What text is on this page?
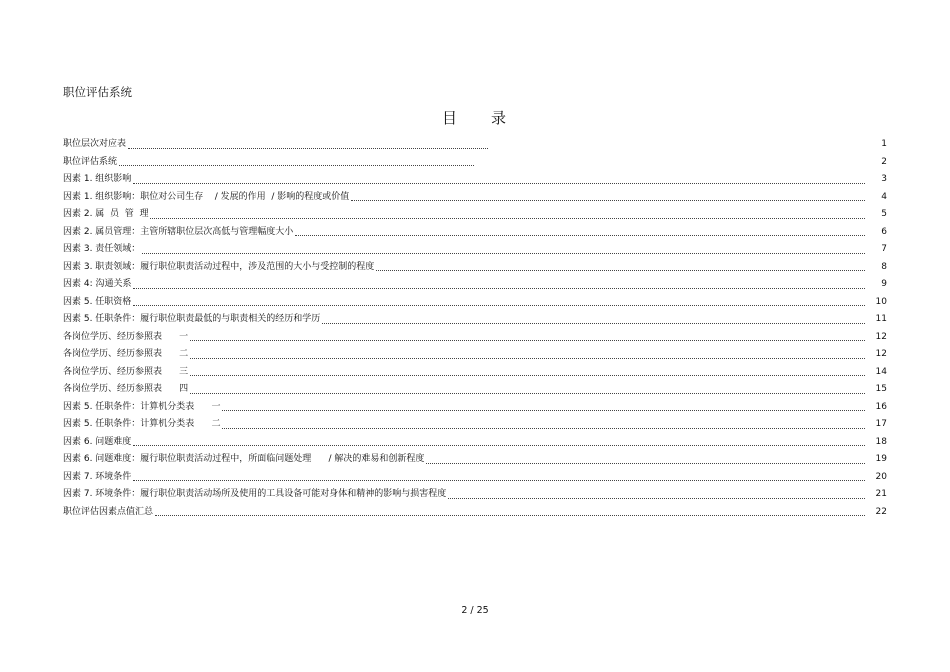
职位评估系统
目 录
职位层次对应表	1
职位评估系统	2
因素 1. 组织影响	3
因素 1. 组织影响：职位对公司生存    / 发展的作用  / 影响的程度或价值	4
因素 2. 属  员  管  理	5
因素 2. 属员管理：主管所辖职位层次高低与管理幅度大小	6
因素 3. 责任领域：	7
因素 3. 职责领域：履行职位职责活动过程中，涉及范围的大小与受控制的程度	8
因素 4: 沟通关系	9
因素 5. 任职资格	10
因素 5. 任职条件：履行职位职责最低的与职责相关的经历和学历	11
各岗位学历、经历参照表      一	12
各岗位学历、经历参照表      二	12
各岗位学历、经历参照表      三	14
各岗位学历、经历参照表      四	15
因素 5. 任职条件：计算机分类表      一	16
因素 5. 任职条件：计算机分类表      二	17
因素 6. 问题难度	18
因素 6. 问题难度：履行职位职责活动过程中，所面临问题处理      / 解决的难易和创新程度	19
因素 7. 环境条件	20
因素 7. 环境条件：履行职位职责活动场所及使用的工具设备可能对身体和精神的影响与损害程度	21
职位评估因素点值汇总	22
2 / 25
